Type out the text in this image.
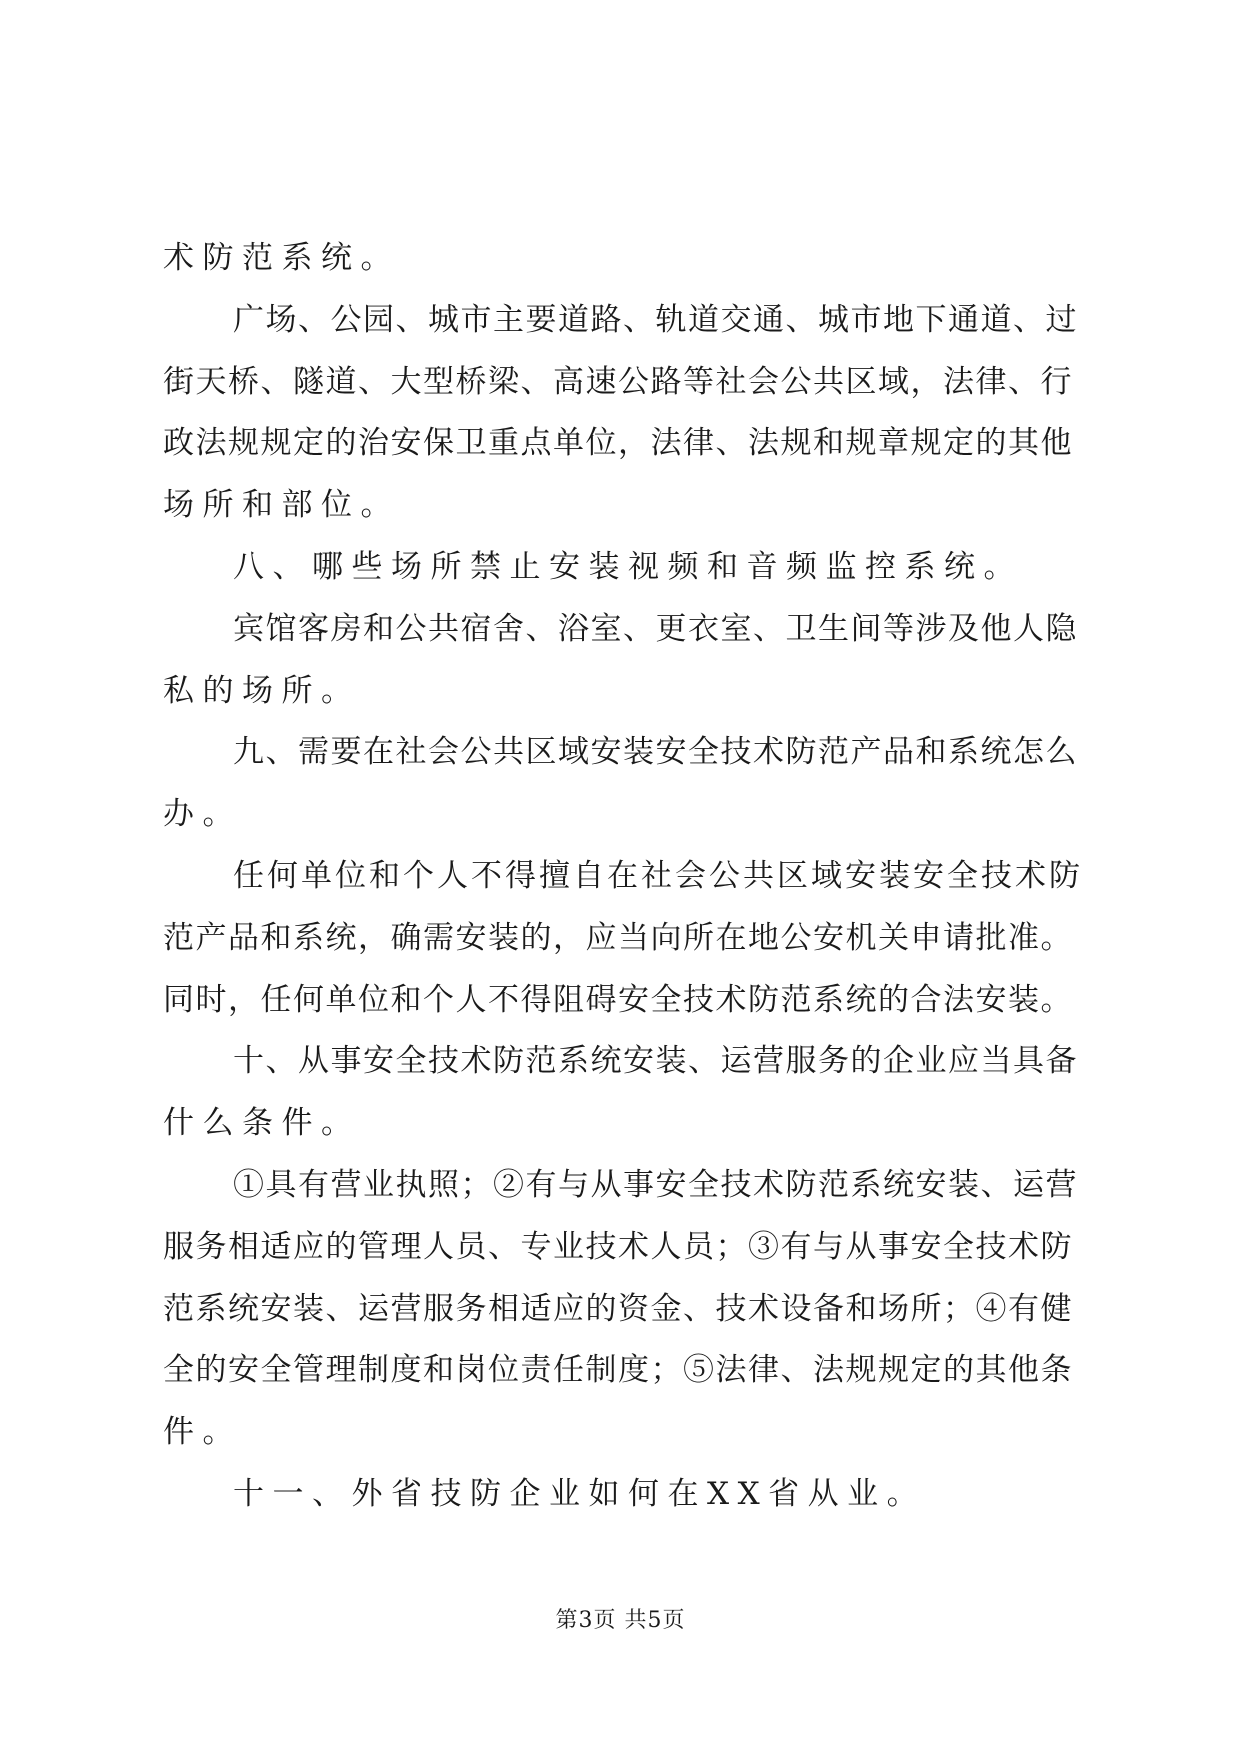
术防范系统。
广场、公园、城市主要道路、轨道交通、城市地下通道、过
街天桥、隧道、大型桥梁、高速公路等社会公共区域，法律、行
政法规规定的治安保卫重点单位，法律、法规和规章规定的其他
场所和部位。
八、哪些场所禁止安装视频和音频监控系统。
宾馆客房和公共宿舍、浴室、更衣室、卫生间等涉及他人隐
私的场所。
九、需要在社会公共区域安装安全技术防范产品和系统怎么
办。
任何单位和个人不得擅自在社会公共区域安装安全技术防
范产品和系统，确需安装的，应当向所在地公安机关申请批准。
同时，任何单位和个人不得阻碍安全技术防范系统的合法安装。
十、从事安全技术防范系统安装、运营服务的企业应当具备
什么条件。
①具有营业执照；②有与从事安全技术防范系统安装、运营
服务相适应的管理人员、专业技术人员；③有与从事安全技术防
范系统安装、运营服务相适应的资金、技术设备和场所；④有健
全的安全管理制度和岗位责任制度；⑤法律、法规规定的其他条
件。
十一、外省技防企业如何在XX省从业。
第3页 共5页
